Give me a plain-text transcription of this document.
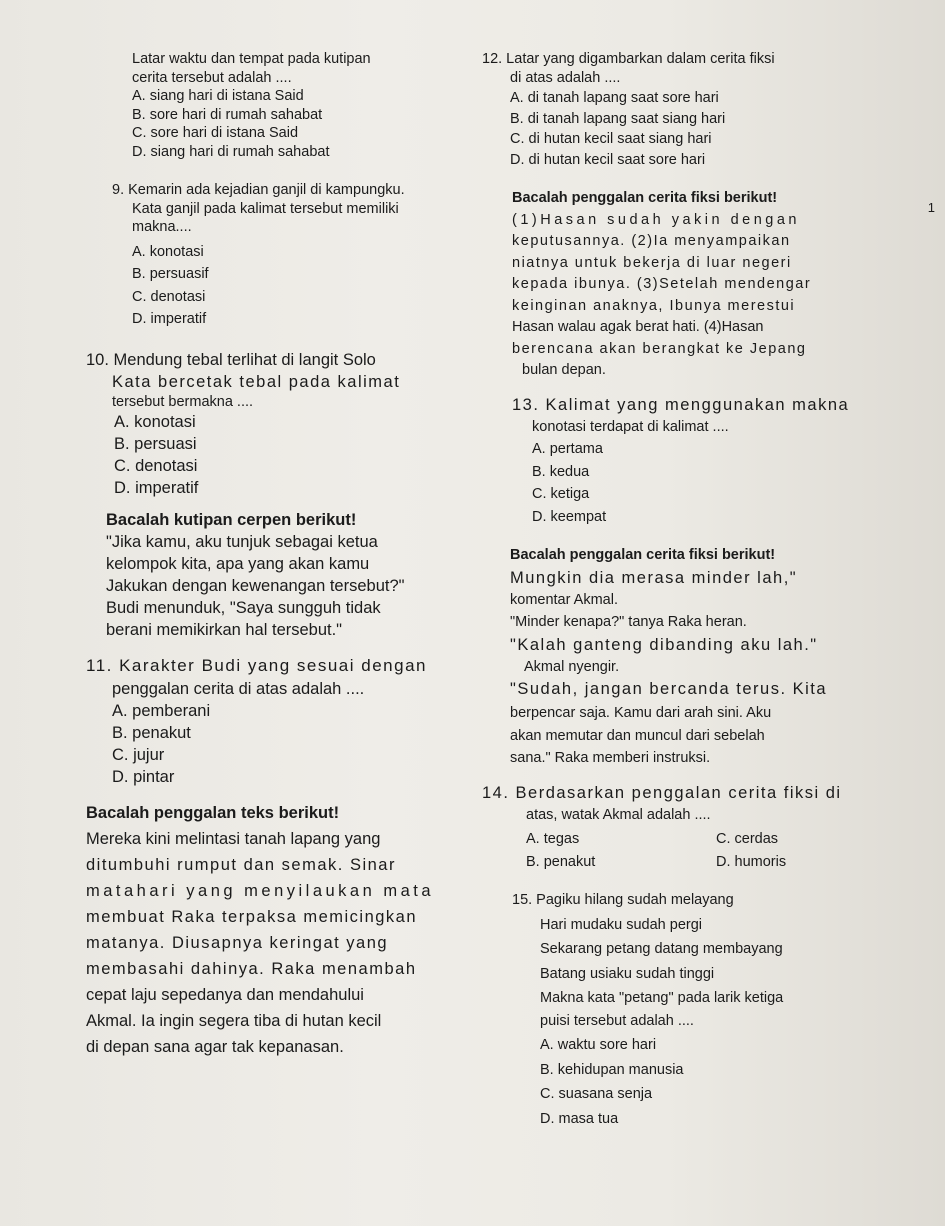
1
Latar waktu dan tempat pada kutipan
cerita tersebut adalah ....
A. siang hari di istana Said
B. sore hari di rumah sahabat
C. sore hari di istana Said
D. siang hari di rumah sahabat
9. Kemarin ada kejadian ganjil di kampungku.
Kata ganjil pada kalimat tersebut memiliki
makna....
A. konotasi
B. persuasif
C. denotasi
D. imperatif
10. Mendung tebal terlihat di langit Solo
Kata bercetak tebal pada kalimat
tersebut bermakna ....
A. konotasi
B. persuasi
C. denotasi
D. imperatif
Bacalah kutipan cerpen berikut!
"Jika kamu, aku tunjuk sebagai ketua
kelompok kita, apa yang akan kamu
Jakukan dengan kewenangan tersebut?"
Budi menunduk, "Saya sungguh tidak
berani memikirkan hal tersebut."
11. Karakter Budi yang sesuai dengan
penggalan cerita di atas adalah ....
A. pemberani
B. penakut
C. jujur
D. pintar
Bacalah penggalan teks berikut!
Mereka kini melintasi tanah lapang yang
ditumbuhi rumput dan semak. Sinar
matahari yang menyilaukan mata
membuat Raka terpaksa memicingkan
matanya. Diusapnya keringat yang
membasahi dahinya. Raka menambah
cepat laju sepedanya dan mendahului
Akmal. Ia ingin segera tiba di hutan kecil
di depan sana agar tak kepanasan.
12. Latar yang digambarkan dalam cerita fiksi
di atas adalah ....
A. di tanah lapang saat sore hari
B. di tanah lapang saat siang hari
C. di hutan kecil saat siang hari
D. di hutan kecil saat sore hari
Bacalah penggalan cerita fiksi berikut!
(1)Hasan sudah yakin dengan
keputusannya. (2)Ia menyampaikan
niatnya untuk bekerja di luar negeri
kepada ibunya. (3)Setelah mendengar
keinginan anaknya, Ibunya merestui
Hasan walau agak berat hati. (4)Hasan
berencana akan berangkat ke Jepang
bulan depan.
13. Kalimat yang menggunakan makna
konotasi terdapat di kalimat ....
A. pertama
B. kedua
C. ketiga
D. keempat
Bacalah penggalan cerita fiksi berikut!
Mungkin dia merasa minder lah,"
komentar Akmal.
"Minder kenapa?" tanya Raka heran.
"Kalah ganteng dibanding aku lah."
Akmal nyengir.
"Sudah, jangan bercanda terus. Kita
berpencar saja. Kamu dari arah sini. Aku
akan memutar dan muncul dari sebelah
sana." Raka memberi instruksi.
14. Berdasarkan penggalan cerita fiksi di
atas, watak Akmal adalah ....
A. tegas	C. cerdas
B. penakut	D. humoris
15. Pagiku hilang sudah melayang
Hari mudaku sudah pergi
Sekarang petang datang membayang
Batang usiaku sudah tinggi
Makna kata "petang" pada larik ketiga
puisi tersebut adalah ....
A. waktu sore hari
B. kehidupan manusia
C. suasana senja
D. masa tua
